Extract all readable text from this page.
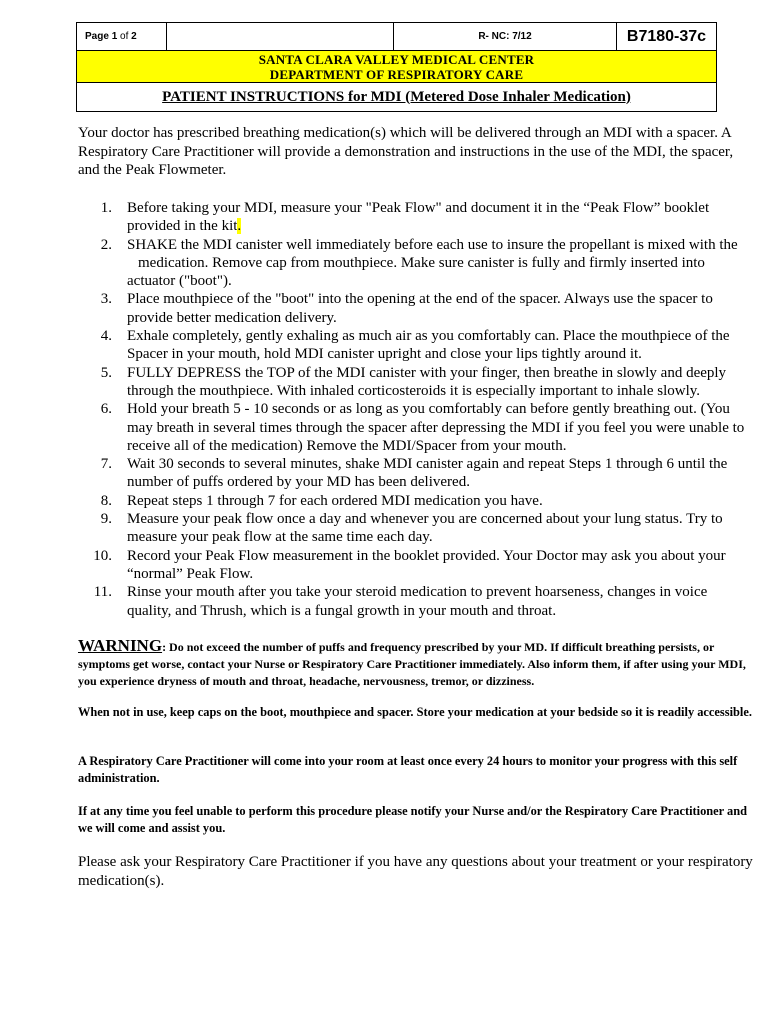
Page 1 of 2		R- NC: 7/12	B7180-37c

SANTA CLARA VALLEY MEDICAL CENTER
DEPARTMENT OF RESPIRATORY CARE

PATIENT INSTRUCTIONS for MDI (Metered Dose Inhaler Medication)

Your doctor has prescribed breathing medication(s) which will be delivered through an MDI with a spacer. A Respiratory Care Practitioner will provide a demonstration and instructions in the use of the MDI, the spacer, and the Peak Flowmeter.

1. Before taking your MDI, measure your "Peak Flow" and document it in the “Peak Flow” booklet provided in the kit.
2. SHAKE the MDI canister well immediately before each use to insure the propellant is mixed with the
medication. Remove cap from mouthpiece. Make sure canister is fully and firmly inserted into actuator ("boot").
3. Place mouthpiece of the "boot" into the opening at the end of the spacer. Always use the spacer to provide better medication delivery.
4. Exhale completely, gently exhaling as much air as you comfortably can. Place the mouthpiece of the Spacer in your mouth, hold MDI canister upright and close your lips tightly around it.
5. FULLY DEPRESS the TOP of the MDI canister with your finger, then breathe in slowly and deeply through the mouthpiece. With inhaled corticosteroids it is especially important to inhale slowly.
6. Hold your breath 5 - 10 seconds or as long as you comfortably can before gently breathing out. (You may breath in several times through the spacer after depressing the MDI if you feel you were unable to receive all of the medication) Remove the MDI/Spacer from your mouth.
7. Wait 30 seconds to several minutes, shake MDI canister again and repeat Steps 1 through 6 until the number of puffs ordered by your MD has been delivered.
8. Repeat steps 1 through 7 for each ordered MDI medication you have.
9. Measure your peak flow once a day and whenever you are concerned about your lung status. Try to measure your peak flow at the same time each day.
10. Record your Peak Flow measurement in the booklet provided. Your Doctor may ask you about your “normal” Peak Flow.
11. Rinse your mouth after you take your steroid medication to prevent hoarseness, changes in voice quality, and Thrush, which is a fungal growth in your mouth and throat.

WARNING: Do not exceed the number of puffs and frequency prescribed by your MD. If difficult breathing persists, or symptoms get worse, contact your Nurse or Respiratory Care Practitioner immediately. Also inform them, if after using your MDI, you experience dryness of mouth and throat, headache, nervousness, tremor, or dizziness.

When not in use, keep caps on the boot, mouthpiece and spacer. Store your medication at your bedside so it is readily accessible.

A Respiratory Care Practitioner will come into your room at least once every 24 hours to monitor your progress with this self administration.

If at any time you feel unable to perform this procedure please notify your Nurse and/or the Respiratory Care Practitioner and we will come and assist you.

Please ask your Respiratory Care Practitioner if you have any questions about your treatment or your respiratory medication(s).
